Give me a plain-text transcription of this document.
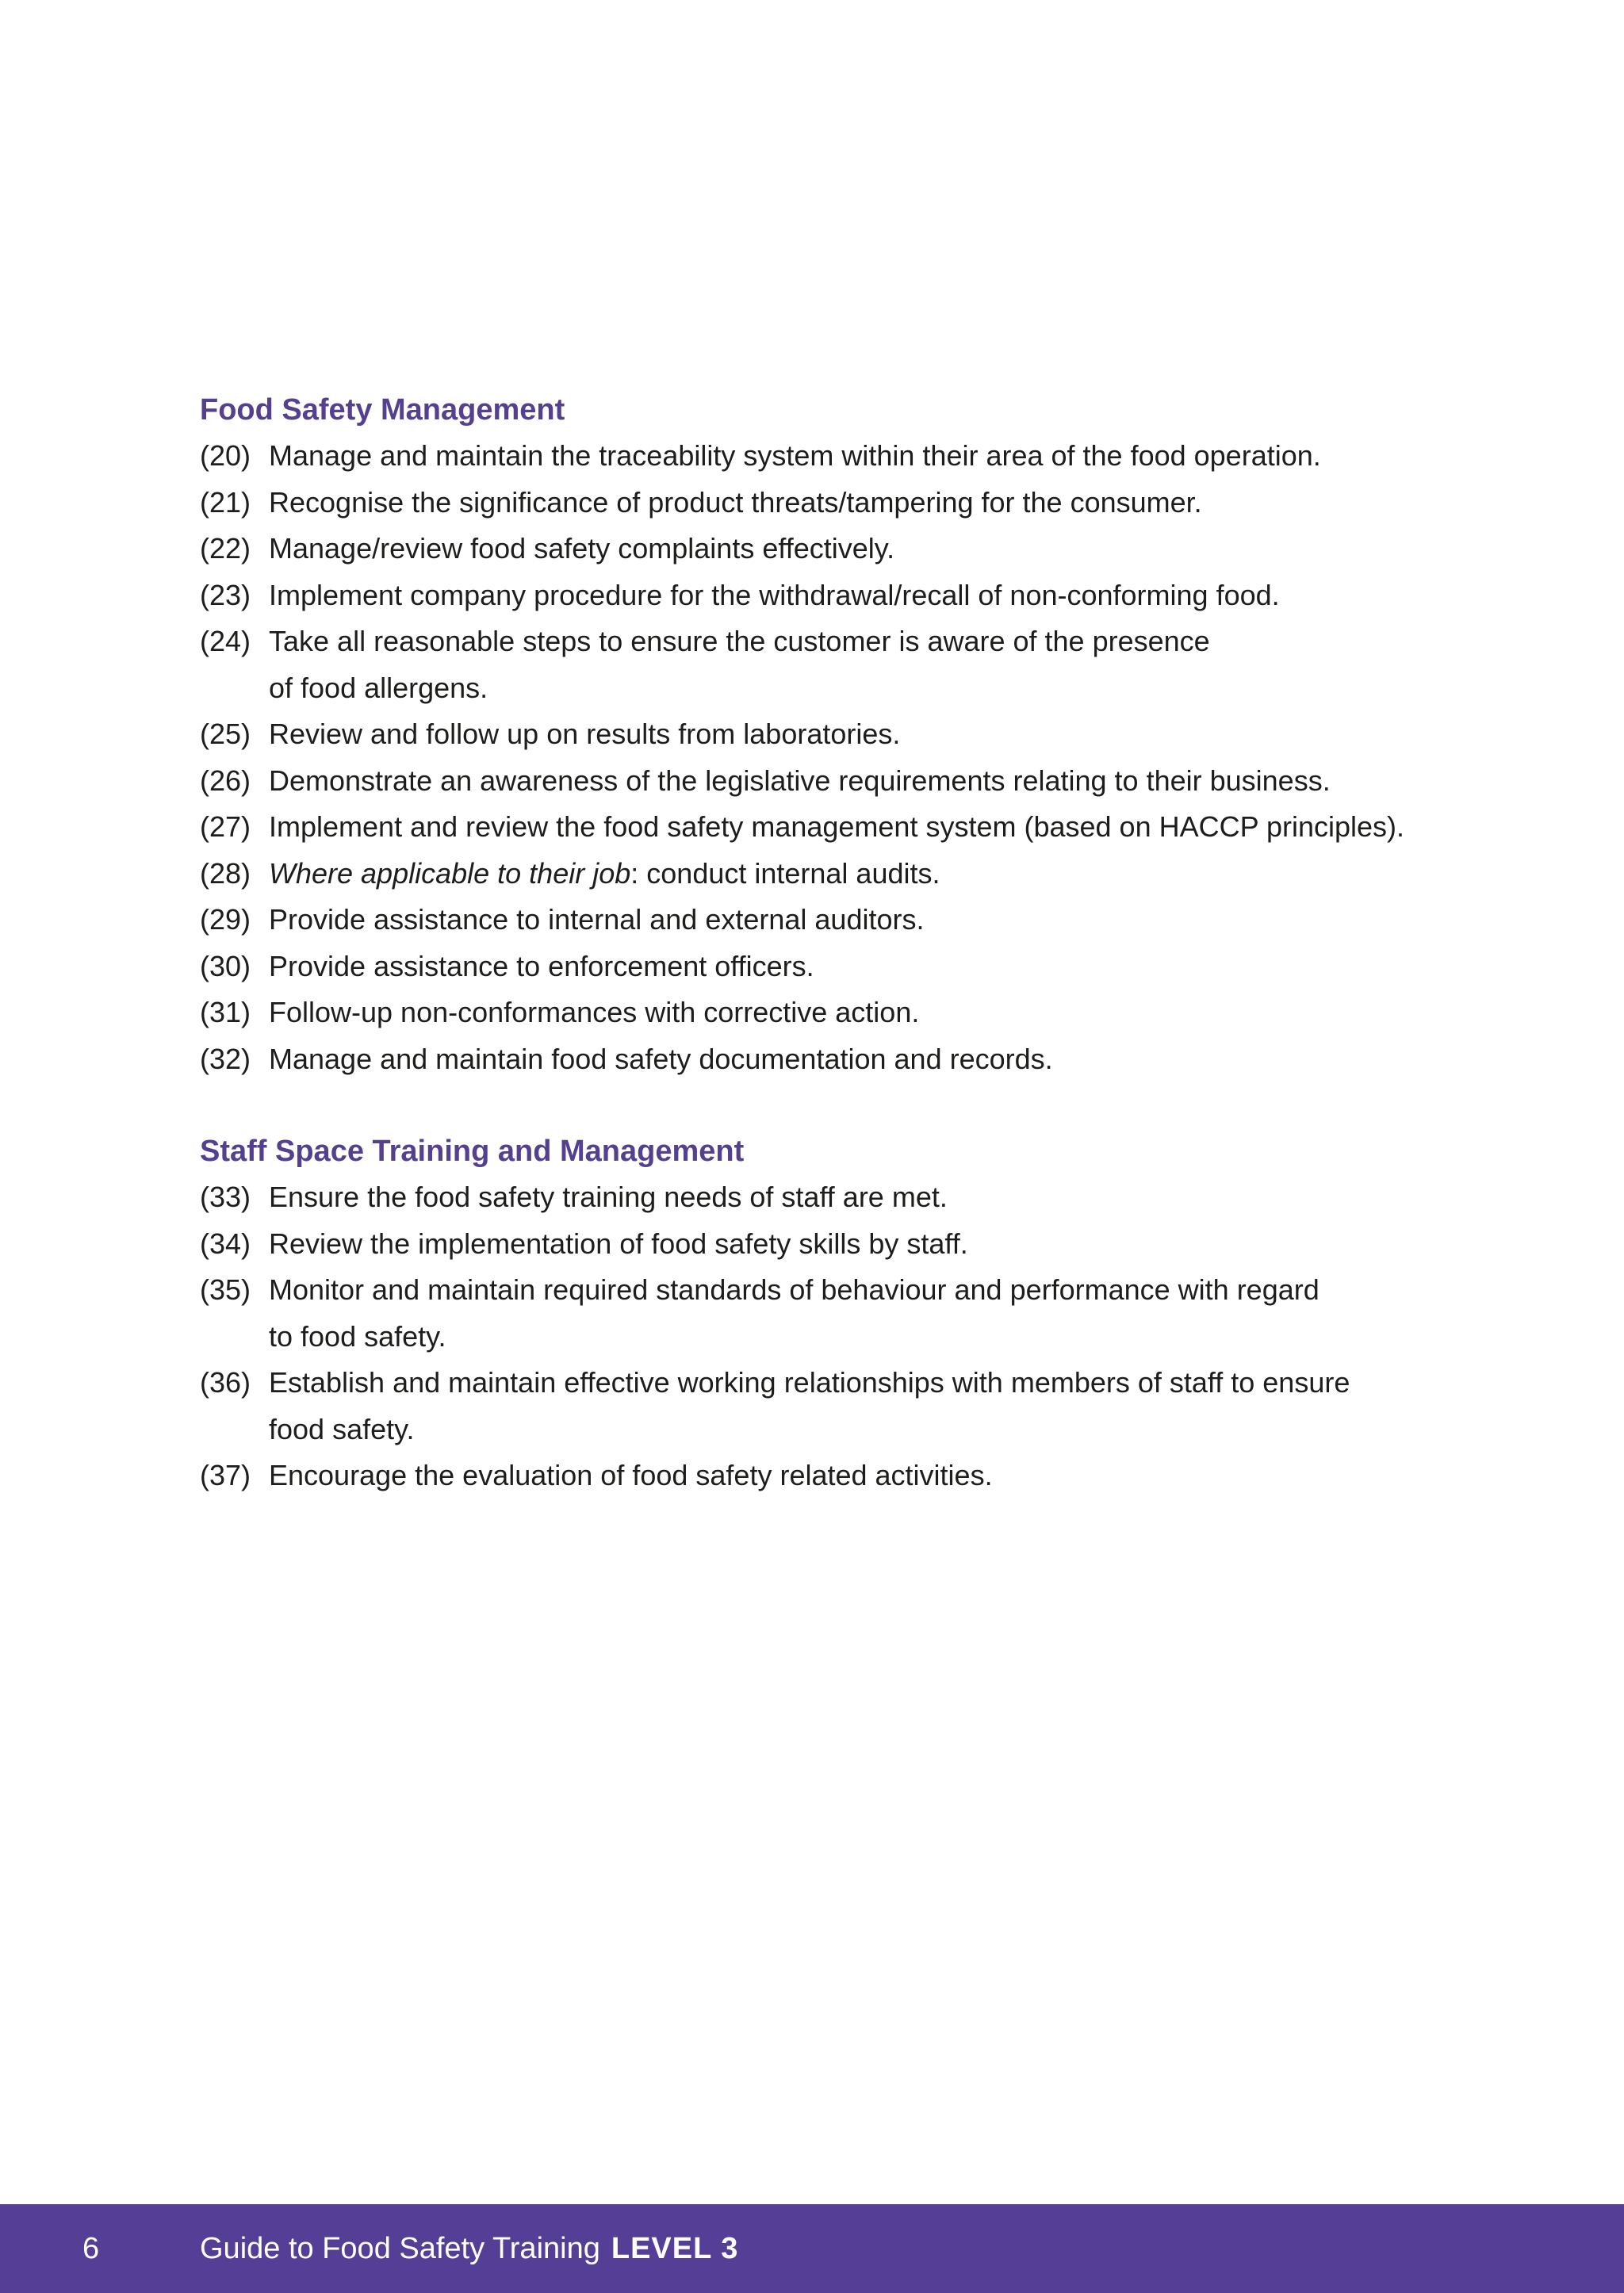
Food Safety Management
(20) Manage and maintain the traceability system within their area of the food operation.
(21) Recognise the significance of product threats/tampering for the consumer.
(22) Manage/review food safety complaints effectively.
(23) Implement company procedure for the withdrawal/recall of non-conforming food.
(24) Take all reasonable steps to ensure the customer is aware of the presence
of food allergens.
(25) Review and follow up on results from laboratories.
(26) Demonstrate an awareness of the legislative requirements relating to their business.
(27) Implement and review the food safety management system (based on HACCP principles).
(28) Where applicable to their job: conduct internal audits.
(29) Provide assistance to internal and external auditors.
(30) Provide assistance to enforcement officers.
(31) Follow-up non-conformances with corrective action.
(32) Manage and maintain food safety documentation and records.
Staff Space Training and Management
(33) Ensure the food safety training needs of staff are met.
(34) Review the implementation of food safety skills by staff.
(35) Monitor and maintain required standards of behaviour and performance with regard
to food safety.
(36) Establish and maintain effective working relationships with members of staff to ensure
food safety.
(37) Encourage the evaluation of food safety related activities.
6	Guide to Food Safety Training LEVEL 3
